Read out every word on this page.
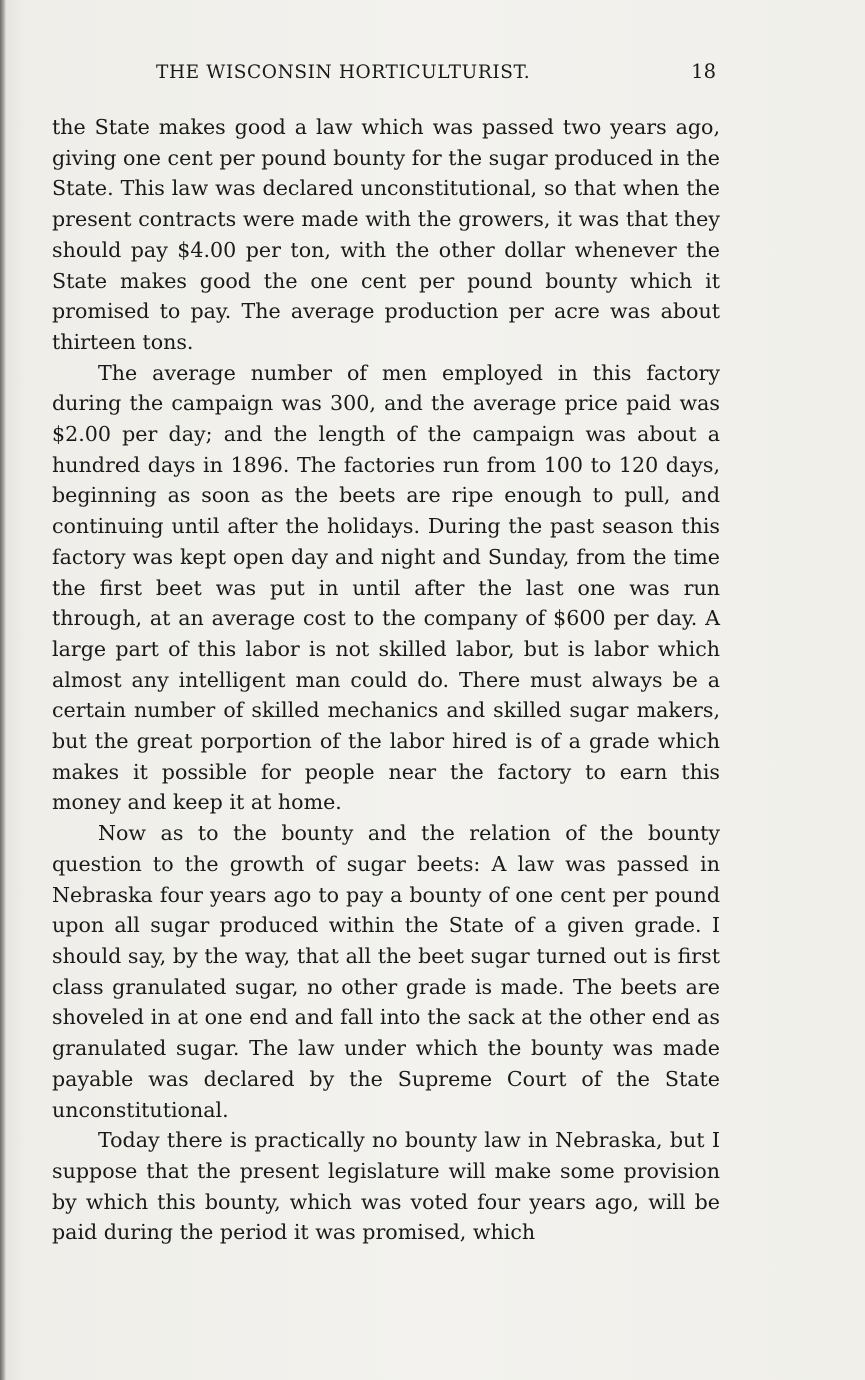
THE WISCONSIN HORTICULTURIST.	18

the State makes good a law which was passed two years ago, giving one cent per pound bounty for the sugar produced in the State. This law was declared unconstitutional, so that when the present contracts were made with the growers, it was that they should pay $4.00 per ton, with the other dollar whenever the State makes good the one cent per pound bounty which it promised to pay. The average production per acre was about thirteen tons.

The average number of men employed in this factory during the campaign was 300, and the average price paid was $2.00 per day; and the length of the campaign was about a hundred days in 1896. The factories run from 100 to 120 days, beginning as soon as the beets are ripe enough to pull, and continuing until after the holidays. During the past season this factory was kept open day and night and Sunday, from the time the first beet was put in until after the last one was run through, at an average cost to the company of $600 per day. A large part of this labor is not skilled labor, but is labor which almost any intelligent man could do. There must always be a certain number of skilled mechanics and skilled sugar makers, but the great porportion of the labor hired is of a grade which makes it possible for people near the factory to earn this money and keep it at home.

Now as to the bounty and the relation of the bounty question to the growth of sugar beets: A law was passed in Nebraska four years ago to pay a bounty of one cent per pound upon all sugar produced within the State of a given grade. I should say, by the way, that all the beet sugar turned out is first class granulated sugar, no other grade is made. The beets are shoveled in at one end and fall into the sack at the other end as granulated sugar. The law under which the bounty was made payable was declared by the Supreme Court of the State unconstitutional.

Today there is practically no bounty law in Nebraska, but I suppose that the present legislature will make some provision by which this bounty, which was voted four years ago, will be paid during the period it was promised, which
